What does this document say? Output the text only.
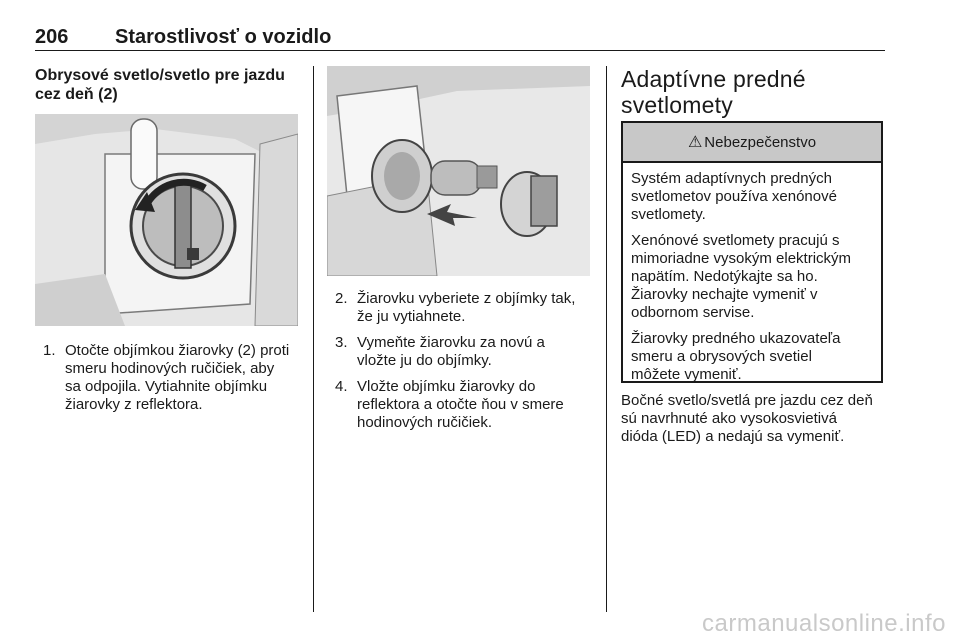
206 Starostlivosť o vozidlo
Obrysové svetlo/svetlo pre jazdu
cez deň (2)
1. Otočte objímkou žiarovky (2) proti
smeru hodinových ručičiek, aby
sa odpojila. Vytiahnite objímku
žiarovky z reflektora.
2. Žiarovku vyberiete z objímky tak,
že ju vytiahnete.
3. Vymeňte žiarovku za novú a
vložte ju do objímky.
4. Vložte objímku žiarovky do
reflektora a otočte ňou v smere
hodinových ručičiek.
Adaptívne predné
svetlomety
⚠ Nebezpečenstvo

Systém adaptívnych predných
svetlometov používa xenónové
svetlomety.

Xenónové svetlomety pracujú s
mimoriadne vysokým elektrickým
napätím. Nedotýkajte sa ho.
Žiarovky nechajte vymeniť v
odbornom servise.

Žiarovky predného ukazovateľa
smeru a obrysových svetiel
môžete vymeniť.

Bočné svetlo/svetlá pre jazdu cez deň
sú navrhnuté ako vysokosvietivá
dióda (LED) a nedajú sa vymeniť.

carmanualsonline.info
